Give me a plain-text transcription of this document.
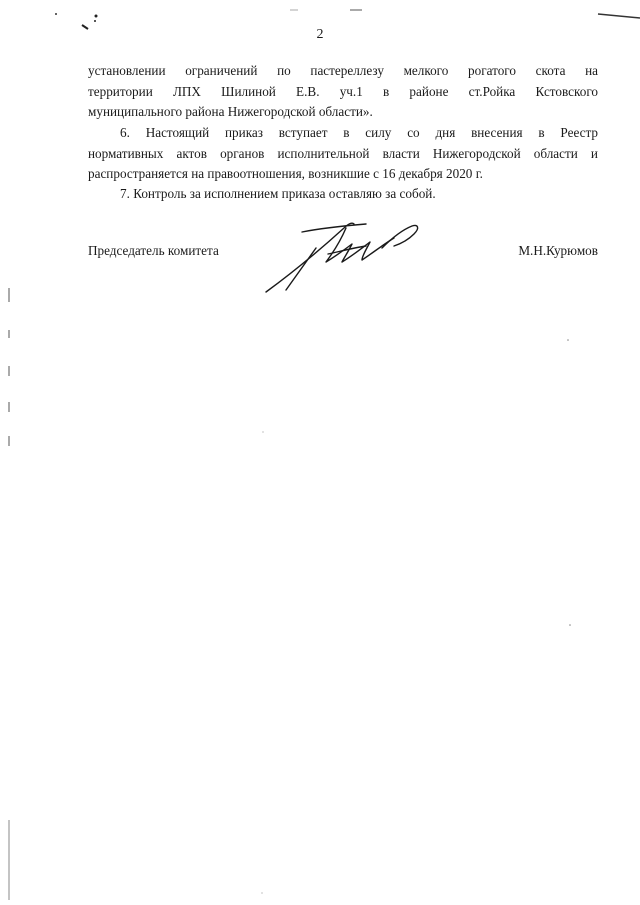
2
установлении ограничений по пастереллезу мелкого рогатого скота на
территории ЛПХ Шилиной Е.В. уч.1 в районе ст.Ройка Кстовского
муниципального района Нижегородской области».
6. Настоящий приказ вступает в силу со дня внесения в Реестр
нормативных актов органов исполнительной власти Нижегородской области и
распространяется на правоотношения, возникшие с 16 декабря 2020 г.
7. Контроль за исполнением приказа оставляю за собой.
Председатель комитета	М.Н.Курюмов
